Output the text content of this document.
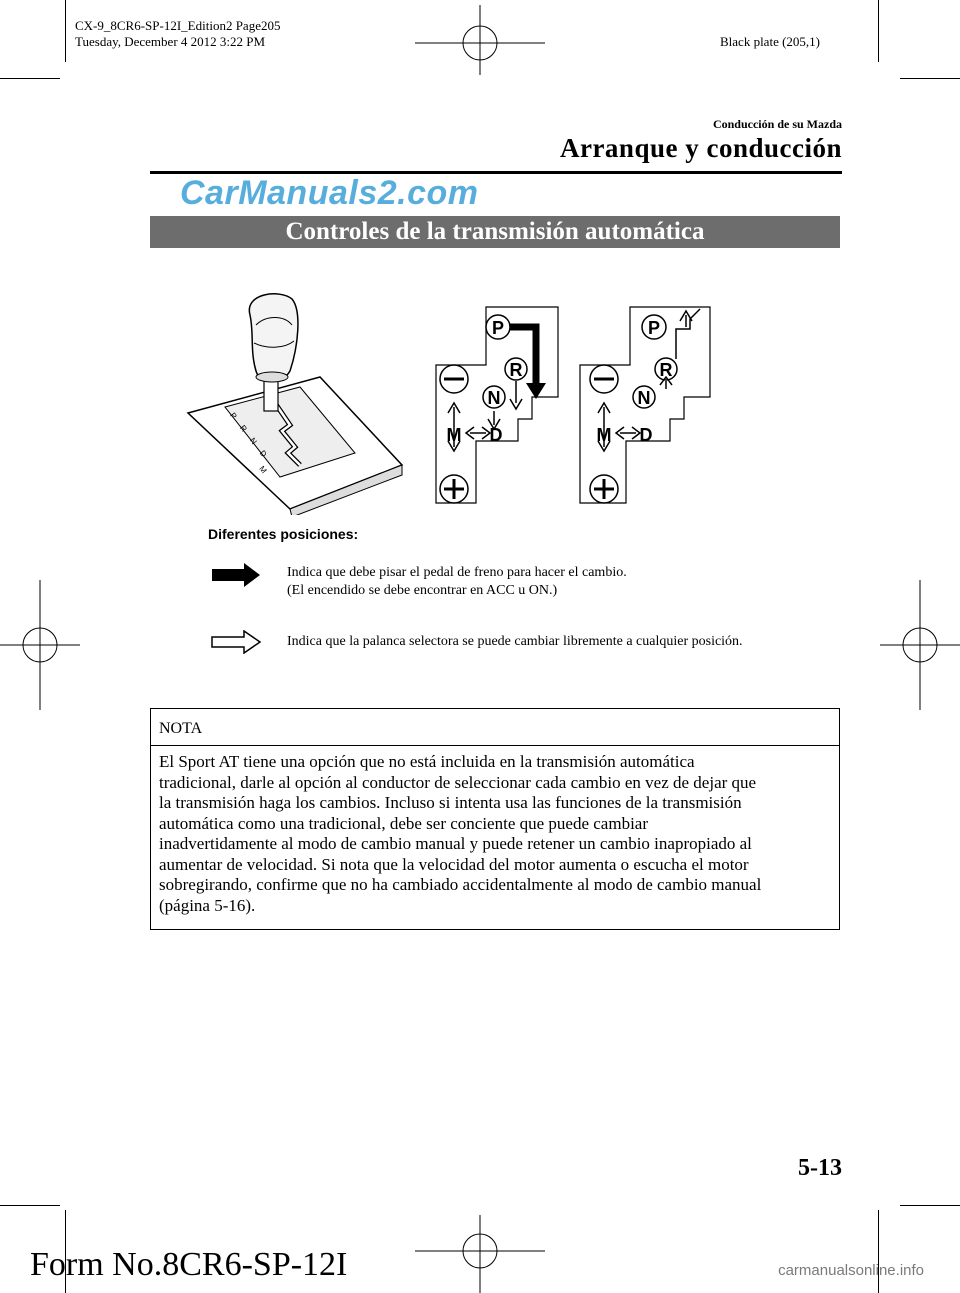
CX-9_8CR6-SP-12I_Edition2 Page205
Tuesday, December 4 2012 3:22 PM	Black plate (205,1)
Conducción de su Mazda
Arranque y conducción
CarManuals2.com
Controles de la transmisión automática
P
R
N
D
M
P
R
N
M D
P
R
N
M D
Diferentes posiciones:
Indica que debe pisar el pedal de freno para hacer el cambio.
(El encendido se debe encontrar en ACC u ON.)
Indica que la palanca selectora se puede cambiar libremente a cualquier posición.
NOTA
El Sport AT tiene una opción que no está incluida en la transmisión automática
tradicional, darle al opción al conductor de seleccionar cada cambio en vez de dejar que
la transmisión haga los cambios. Incluso si intenta usa las funciones de la transmisión
automática como una tradicional, debe ser conciente que puede cambiar
inadvertidamente al modo de cambio manual y puede retener un cambio inapropiado al
aumentar de velocidad. Si nota que la velocidad del motor aumenta o escucha el motor
sobregirando, confirme que no ha cambiado accidentalmente al modo de cambio manual
(página 5-16).
5-13
Form No.8CR6-SP-12I	carmanualsonline.info
